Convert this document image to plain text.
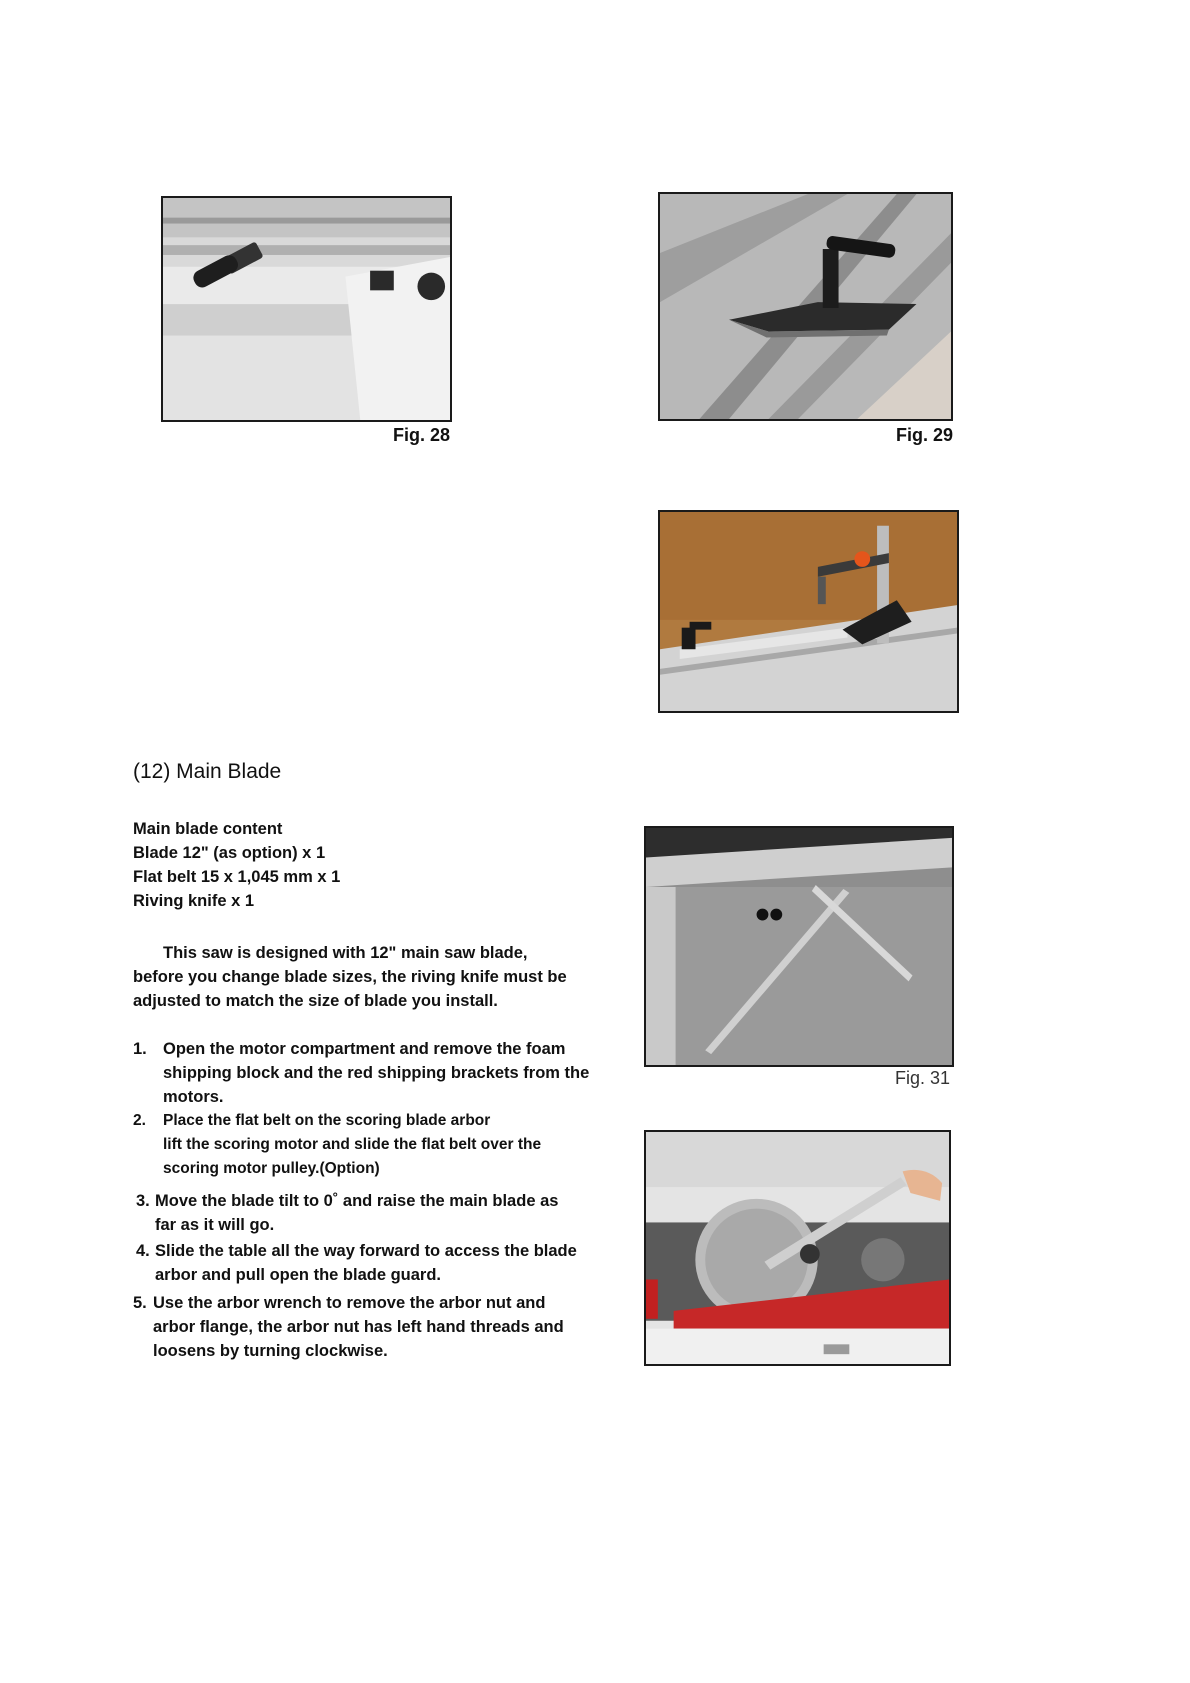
Fig. 28	Fig. 29
(12) Main Blade
Main blade content
Blade 12" (as option) x 1
Flat belt 15 x 1,045 mm x 1
Riving knife x 1
This saw is designed with 12" main saw blade,
before you change blade sizes, the riving knife must be
adjusted to match the size of blade you install.
1. Open the motor compartment and remove the foam
shipping block and the red shipping brackets from the
motors.
2. Place the flat belt on the scoring blade arbor
lift the scoring motor and slide the flat belt over the
scoring motor pulley.(Option)
3. Move the blade tilt to 0˚ and raise the main blade as
far as it will go.
4. Slide the table all the way forward to access the blade
arbor and pull open the blade guard.
5. Use the arbor wrench to remove the arbor nut and
arbor flange, the arbor nut has left hand threads and
loosens by turning clockwise.
Fig. 31
